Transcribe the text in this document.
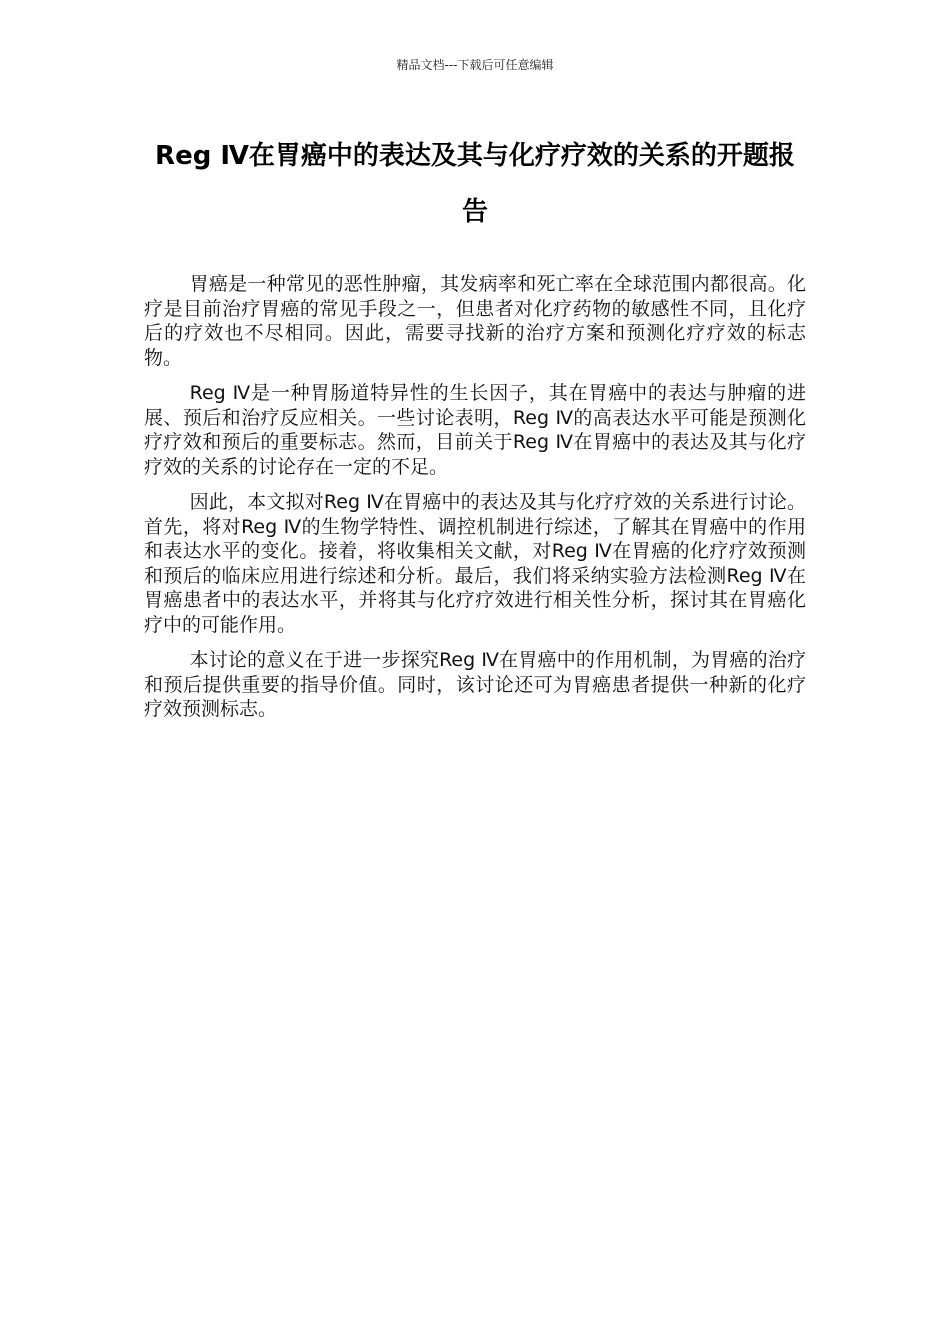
精品文档---下载后可任意编辑
Reg Ⅳ在胃癌中的表达及其与化疗疗效的关系的开题报告

胃癌是一种常见的恶性肿瘤，其发病率和死亡率在全球范围内都很高。化疗是目前治疗胃癌的常见手段之一，但患者对化疗药物的敏感性不同，且化疗后的疗效也不尽相同。因此，需要寻找新的治疗方案和预测化疗疗效的标志物。

Reg Ⅳ是一种胃肠道特异性的生长因子，其在胃癌中的表达与肿瘤的进展、预后和治疗反应相关。一些讨论表明，Reg Ⅳ的高表达水平可能是预测化疗疗效和预后的重要标志。然而，目前关于Reg Ⅳ在胃癌中的表达及其与化疗疗效的关系的讨论存在一定的不足。

因此，本文拟对Reg Ⅳ在胃癌中的表达及其与化疗疗效的关系进行讨论。首先，将对Reg Ⅳ的生物学特性、调控机制进行综述，了解其在胃癌中的作用和表达水平的变化。接着，将收集相关文献，对Reg Ⅳ在胃癌的化疗疗效预测和预后的临床应用进行综述和分析。最后，我们将采纳实验方法检测Reg Ⅳ在胃癌患者中的表达水平，并将其与化疗疗效进行相关性分析，探讨其在胃癌化疗中的可能作用。

本讨论的意义在于进一步探究Reg Ⅳ在胃癌中的作用机制，为胃癌的治疗和预后提供重要的指导价值。同时，该讨论还可为胃癌患者提供一种新的化疗疗效预测标志。
